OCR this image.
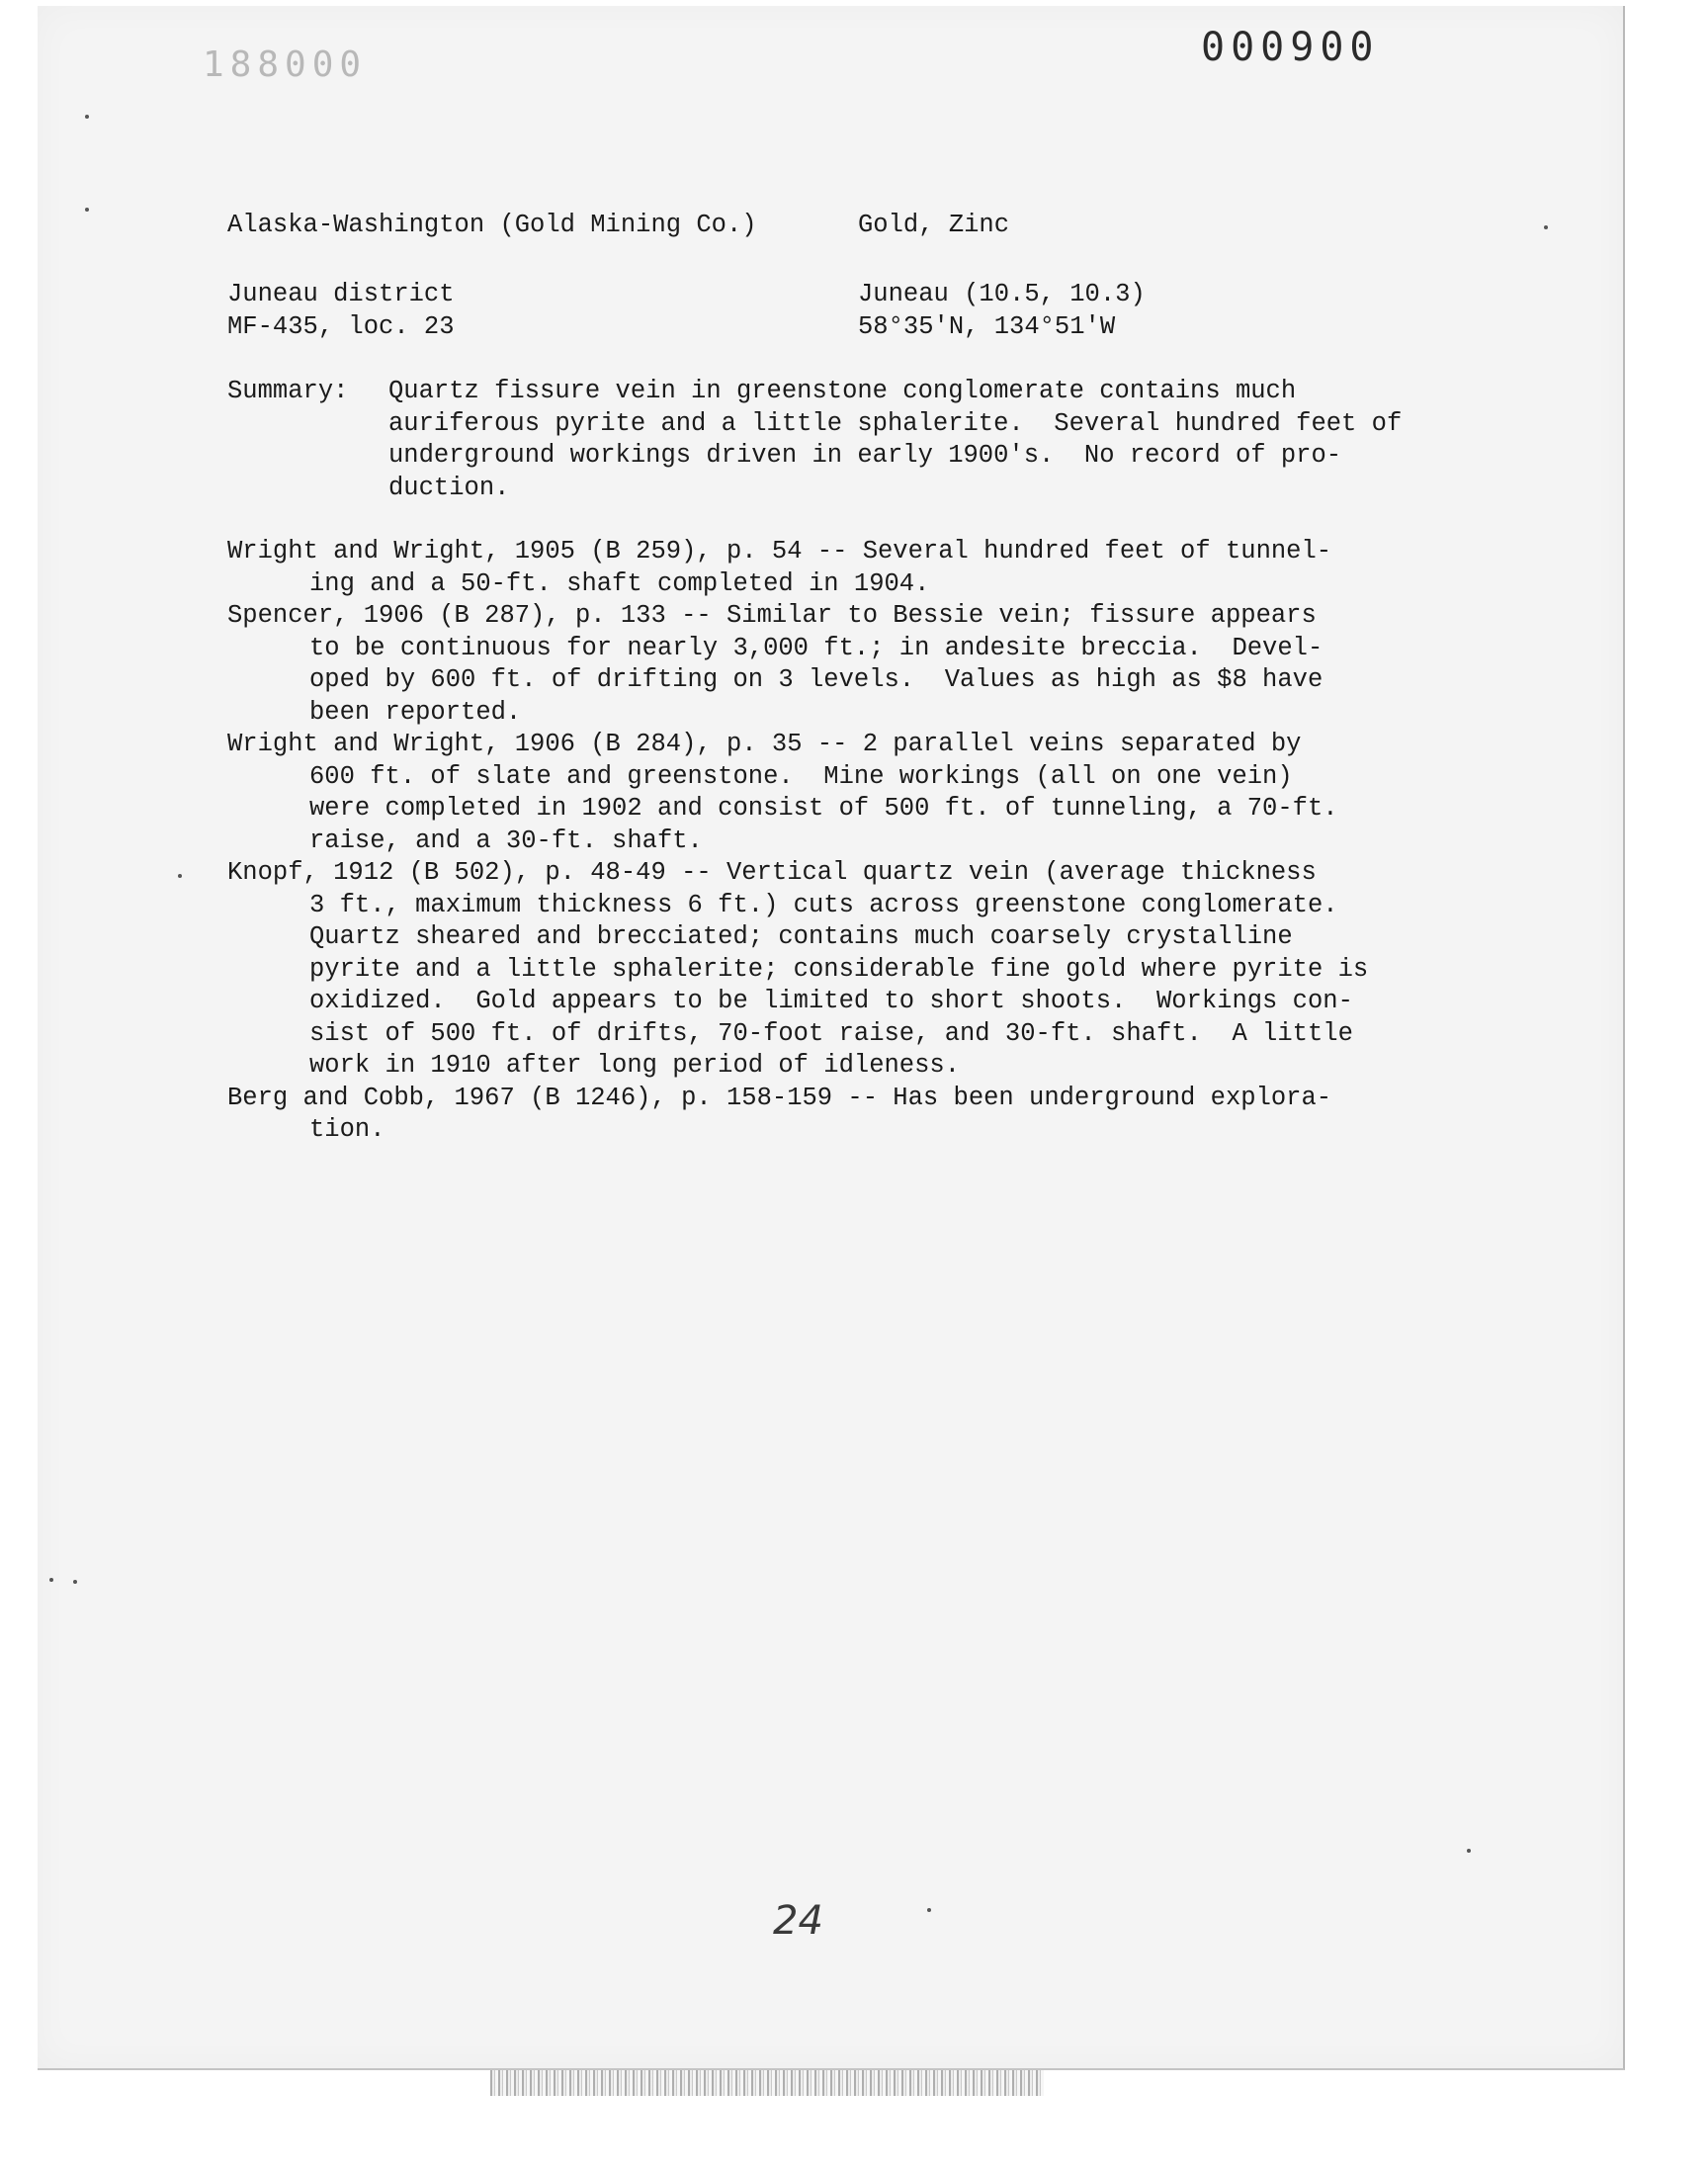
188000	000900
Alaska-Washington (Gold Mining Co.)	Gold, Zinc
Juneau district
MF-435, loc. 23
Juneau (10.5, 10.3)
58°35'N, 134°51'W
Summary: Quartz fissure vein in greenstone conglomerate contains much
auriferous pyrite and a little sphalerite.  Several hundred feet of
underground workings driven in early 1900's.  No record of pro-
duction.
Wright and Wright, 1905 (B 259), p. 54 -- Several hundred feet of tunnel-
ing and a 50-ft. shaft completed in 1904.
Spencer, 1906 (B 287), p. 133 -- Similar to Bessie vein; fissure appears
to be continuous for nearly 3,000 ft.; in andesite breccia.  Devel-
oped by 600 ft. of drifting on 3 levels.  Values as high as $8 have
been reported.
Wright and Wright, 1906 (B 284), p. 35 -- 2 parallel veins separated by
600 ft. of slate and greenstone.  Mine workings (all on one vein)
were completed in 1902 and consist of 500 ft. of tunneling, a 70-ft.
raise, and a 30-ft. shaft.
Knopf, 1912 (B 502), p. 48-49 -- Vertical quartz vein (average thickness
3 ft., maximum thickness 6 ft.) cuts across greenstone conglomerate.
Quartz sheared and brecciated; contains much coarsely crystalline
pyrite and a little sphalerite; considerable fine gold where pyrite is
oxidized.  Gold appears to be limited to short shoots.  Workings con-
sist of 500 ft. of drifts, 70-foot raise, and 30-ft. shaft.  A little
work in 1910 after long period of idleness.
Berg and Cobb, 1967 (B 1246), p. 158-159 -- Has been underground explora-
tion.
24
